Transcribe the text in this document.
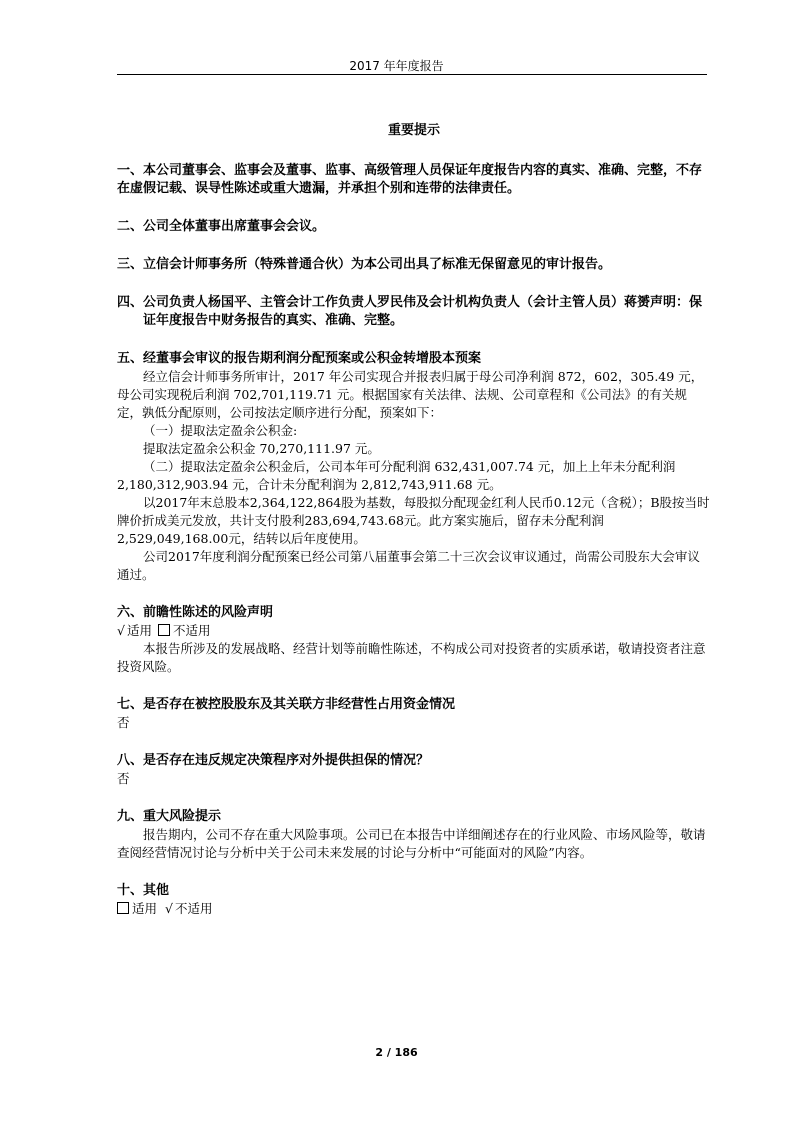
2017 年年度报告
重要提示

一、本公司董事会、监事会及董事、监事、高级管理人员保证年度报告内容的真实、准确、完整，不存在虚假记载、误导性陈述或重大遗漏，并承担个别和连带的法律责任。

二、公司全体董事出席董事会会议。

三、立信会计师事务所（特殊普通合伙）为本公司出具了标准无保留意见的审计报告。

四、公司负责人杨国平、主管会计工作负责人罗民伟及会计机构负责人（会计主管人员）蒋赟声明：保证年度报告中财务报告的真实、准确、完整。

五、经董事会审议的报告期利润分配预案或公积金转增股本预案

经立信会计师事务所审计，2017 年公司实现合并报表归属于母公司净利润 872，602，305.49 元，母公司实现税后利润 702,701,119.71 元。根据国家有关法律、法规、公司章程和《公司法》的有关规定，孰低分配原则，公司按法定顺序进行分配，预案如下：

（一）提取法定盈余公积金:

提取法定盈余公积金 70,270,111.97 元。

（二）提取法定盈余公积金后，公司本年可分配利润 632,431,007.74 元，加上上年未分配利润 2,180,312,903.94 元，合计未分配利润为 2,812,743,911.68 元。

以2017年末总股本2,364,122,864股为基数，每股拟分配现金红利人民币0.12元（含税）；B股按当时牌价折成美元发放，共计支付股利283,694,743.68元。此方案实施后，留存未分配利润2,529,049,168.00元，结转以后年度使用。

公司2017年度利润分配预案已经公司第八届董事会第二十三次会议审议通过，尚需公司股东大会审议通过。

六、前瞻性陈述的风险声明

√ 适用 不适用

本报告所涉及的发展战略、经营计划等前瞻性陈述，不构成公司对投资者的实质承诺，敬请投资者注意投资风险。

七、是否存在被控股股东及其关联方非经营性占用资金情况

否

八、是否存在违反规定决策程序对外提供担保的情况？

否

九、重大风险提示

报告期内，公司不存在重大风险事项。公司已在本报告中详细阐述存在的行业风险、市场风险等，敬请查阅经营情况讨论与分析中关于公司未来发展的讨论与分析中“可能面对的风险”内容。

十、其他

适用 √ 不适用

2 / 186
